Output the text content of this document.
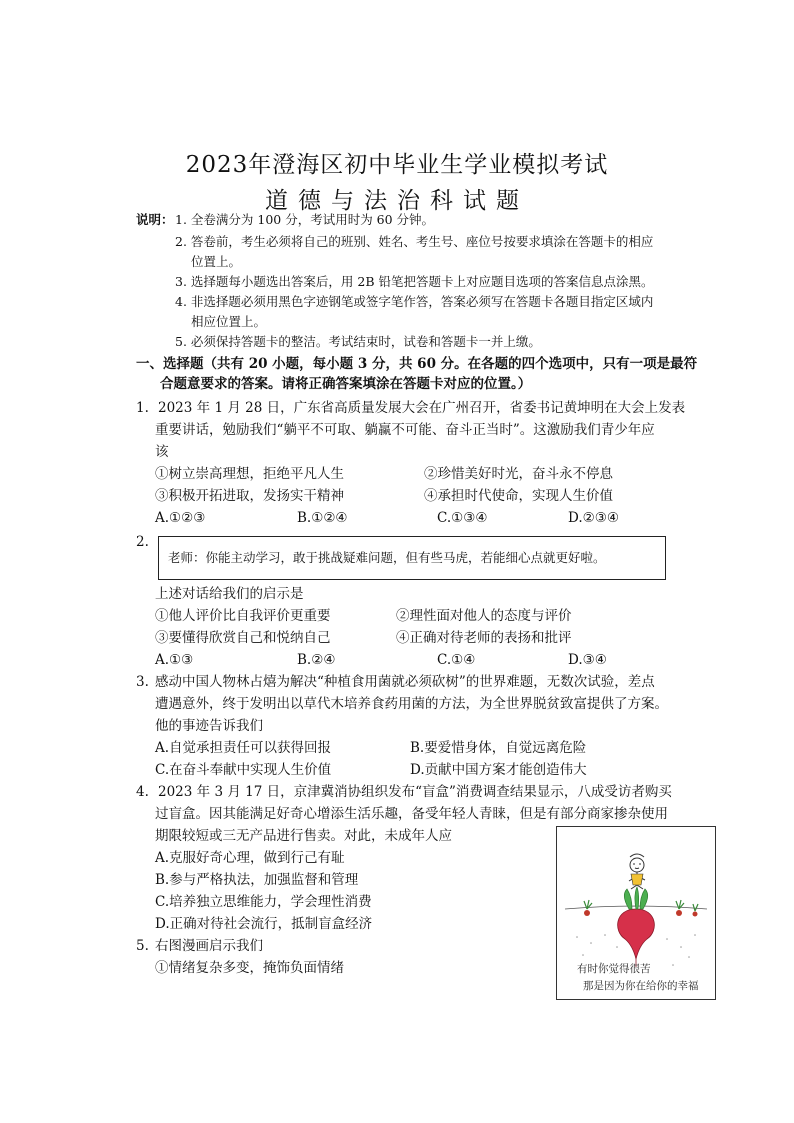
2023年澄海区初中毕业生学业模拟考试
道德与法治科试题
说明： 1. 全卷满分为 100 分，考试用时为 60 分钟。
2. 答卷前，考生必须将自己的班别、姓名、考生号、座位号按要求填涂在答题卡的相应
位置上。
3. 选择题每小题选出答案后，用 2B 铅笔把答题卡上对应题目选项的答案信息点涂黑。
4. 非选择题必须用黑色字迹钢笔或签字笔作答，答案必须写在答题卡各题目指定区域内
相应位置上。
5. 必须保持答题卡的整洁。考试结束时，试卷和答题卡一并上缴。
一、选择题（共有 20 小题，每小题 3 分，共 60 分。在各题的四个选项中，只有一项是最符
合题意要求的答案。请将正确答案填涂在答题卡对应的位置。）
1. 2023 年 1 月 28 日，广东省高质量发展大会在广州召开，省委书记黄坤明在大会上发表
重要讲话，勉励我们“躺平不可取、躺赢不可能、奋斗正当时”。这激励我们青少年应
该
①树立崇高理想，拒绝平凡人生	②珍惜美好时光，奋斗永不停息
③积极开拓进取，发扬实干精神	④承担时代使命，实现人生价值
A.①②③	B.①②④	C.①③④	D.②③④
2.
老师：你能主动学习，敢于挑战疑难问题，但有些马虎，若能细心点就更好啦。
上述对话给我们的启示是
①他人评价比自我评价更重要	②理性面对他人的态度与评价
③要懂得欣赏自己和悦纳自己	④正确对待老师的表扬和批评
A.①③	B.②④	C.①④	D.③④
3. 感动中国人物林占熺为解决“种植食用菌就必须砍树”的世界难题，无数次试验，差点
遭遇意外，终于发明出以草代木培养食药用菌的方法，为全世界脱贫致富提供了方案。
他的事迹告诉我们
A.自觉承担责任可以获得回报	B.要爱惜身体，自觉远离危险
C.在奋斗奉献中实现人生价值	D.贡献中国方案才能创造伟大
4. 2023 年 3 月 17 日，京津冀消协组织发布“盲盒”消费调查结果显示，八成受访者购买
过盲盒。因其能满足好奇心增添生活乐趣，备受年轻人青睐，但是有部分商家掺杂使用
期限较短或三无产品进行售卖。对此，未成年人应
A.克服好奇心理，做到行己有耻
B.参与严格执法，加强监督和管理
C.培养独立思维能力，学会理性消费
D.正确对待社会流行，抵制盲盒经济
5. 右图漫画启示我们
①情绪复杂多变，掩饰负面情绪	有时你觉得很苦
那是因为你在给你的幸福
